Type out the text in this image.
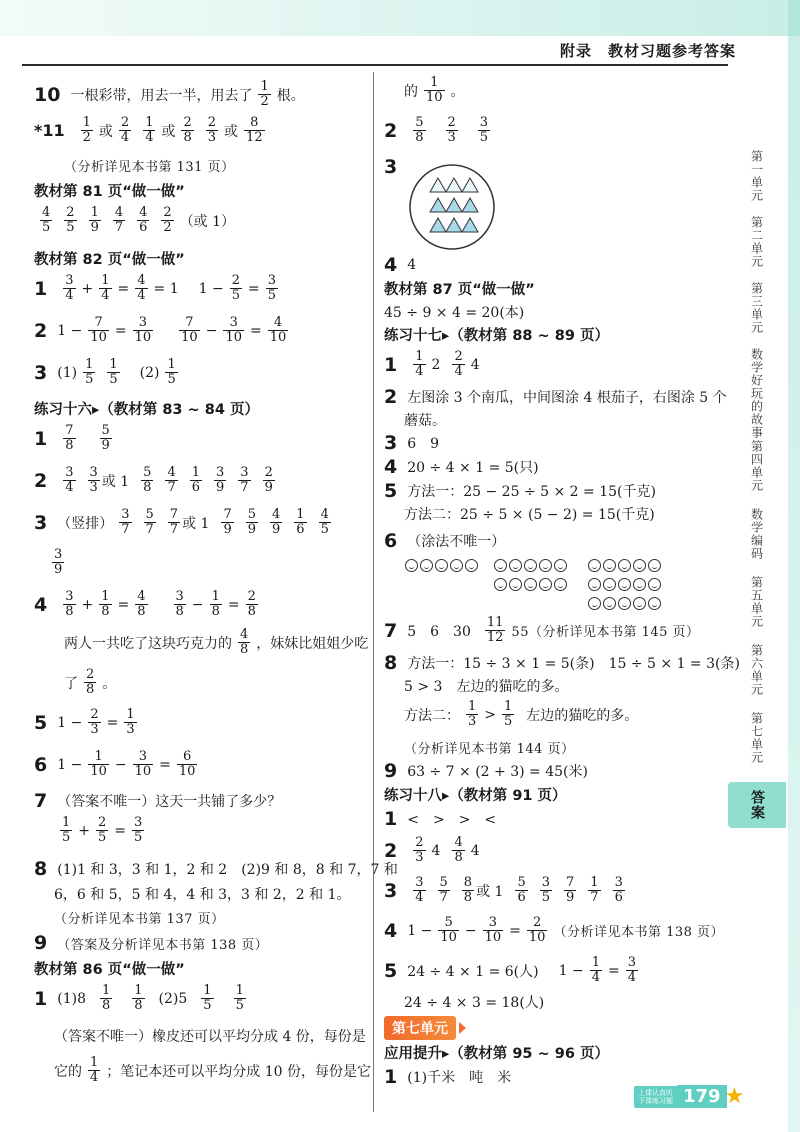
附录　教材习题参考答案
10 一根彩带，用去一半，用去了
1
2 根。
*11 1
2 或
2
4
1
4 或
2
8
2
3 或
8
12
（分析详见本书第 131 页）
教材第 81 页“做一做”
4
5
2
5
1
9
4
7
4
6
2
2 （或 1）
教材第 82 页“做一做”
1 3
$4 + \frac{1}{4} = \frac{4}{4} = 1$ $1 - \frac{2}{5} = \frac{3}{5}$
2 $1 - \frac{7}{10} = \frac{3}{10} 7$
$10 - \frac{3}{10} = \frac{4}{10}$
3 (1) 1
5
1
5 (2) 1
5
练习十六▸（教材第 83 ~ 84 页）
1 7
8
5
9
2 3
4
3
3 或 1
5
8
4
7
1
6
3
9
3
7
2
9
3 （竖排）
3
7
5
7
7
7 或 1
7
9
5
9
4
9
1
6
4
5
3
9
4 3
$8 + \frac{1}{8} = \frac{4}{8} 3$
$8 - \frac{1}{8} = \frac{2}{8}$
两人一共吃了这块巧克力的
4
8 ，妹妹比姐姐少吃
了
2
8 。
5 $1 - \frac{2}{3} = \frac{1}{3}$
6 $1 - \frac{1}{10} - \frac{3}{10} = \frac{6}{10}$
7 （答案不唯一）这天一共铺了多少？
1
$5 + \frac{2}{5} = \frac{3}{5}$
8 (1)1 和 3，3 和 1，2 和 2　(2)9 和 8，8 和 7，7 和
6，6 和 5，5 和 4，4 和 3，3 和 2，2 和 1。
（分析详见本书第 137 页）
9 （答案及分析详见本书第 138 页）
教材第 86 页“做一做”
1 (1)8 1
8
1
8 (2)5 1
5
1
5
（答案不唯一）橡皮还可以平均分成 4 份，每份是
它的
1
4 ；笔记本还可以平均分成 10 份，每份是它
的
1
10 。
2 5
8
2
3
3
5
3
4 4
教材第 87 页“做一做”
45 ÷ 9 × 4 = 20(本)
练习十七▸（教材第 88 ~ 89 页）
1 1
4 2 2
4 4
2 左图涂 3 个南瓜，中间图涂 4 根茄子，右图涂 5 个
蘑菇。
3 6　9
4 20 ÷ 4 × 1 = 5(只)
5 方法一：25 − 25 ÷ 5 × 2 = 15(千克)
方法二：25 ÷ 5 × (5 − 2) = 15(千克)
6 （涂法不唯一）

7 5　6　30
11
12 55（分析详见本书第 145 页）
8 方法一：15 ÷ 3 × 1 = 5(条)　15 ÷ 5 × 1 = 3(条)
5 > 3　左边的猫吃的多。
方法二：
1
3 > 1
5 左边的猫吃的多。
（分析详见本书第 144 页）
9 63 ÷ 7 × (2 + 3) = 45(米)
练习十八▸（教材第 91 页）
1 <　>　>　<
2 2
3 4 4
8 4
3 3
4
5
7
8
8 或 1
5
6
3
5
7
9
1
7
3
6
4 $1 - \frac{5}{10} - \frac{3}{10} = \frac{2}{10}$ （分析详见本书第 138 页）
5 24 ÷ 4 × 1 = 6(人) $1 - \frac{1}{4} = \frac{3}{4}$
24 ÷ 4 × 3 = 18(人)
第七单元
应用提升▸（教材第 95 ~ 96 页）
1 (1)千米　吨　米
第一单元
第二单元
第三单元
数学好玩的故事
第四单元
数学编码
第五单元
第六单元
第七单元
答案
上课认真听
下课练习题 179 ★
